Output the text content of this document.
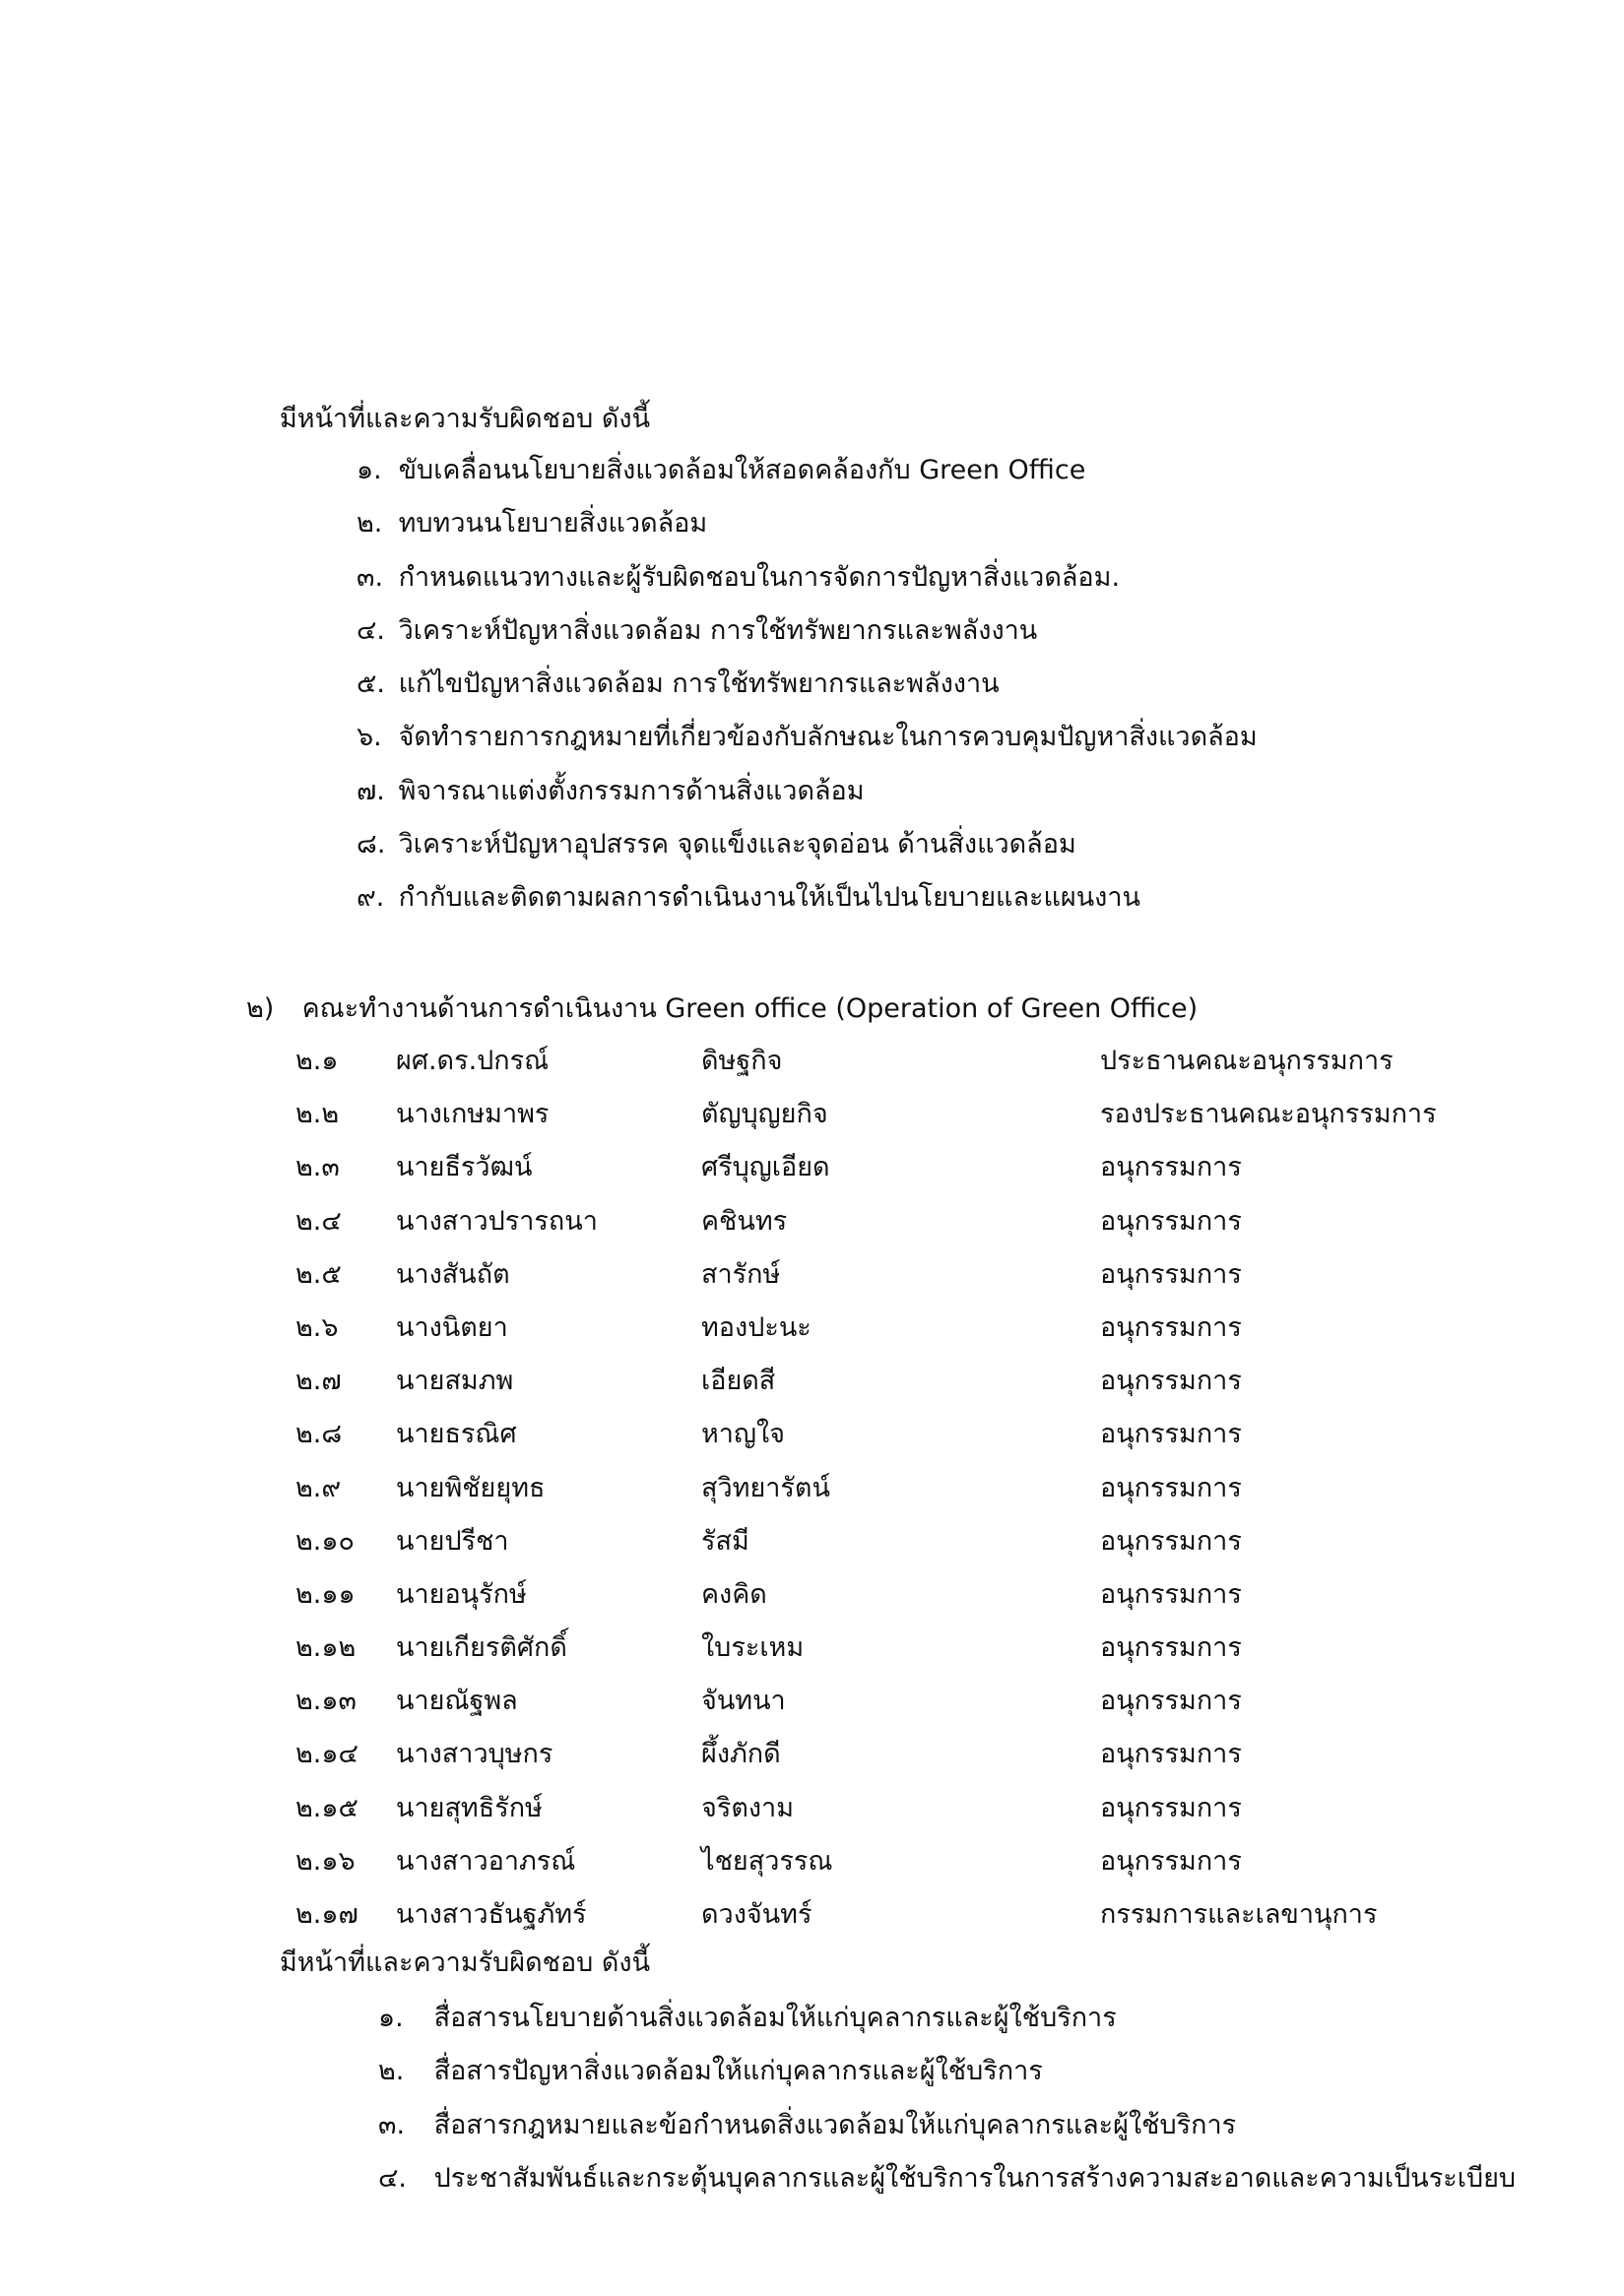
มีหน้าที่และความรับผิดชอบ ดังนี้
๑. ขับเคลื่อนนโยบายสิ่งแวดล้อมให้สอดคล้องกับ Green Office
๒. ทบทวนนโยบายสิ่งแวดล้อม
๓. กำหนดแนวทางและผู้รับผิดชอบในการจัดการปัญหาสิ่งแวดล้อม.
๔. วิเคราะห์ปัญหาสิ่งแวดล้อม การใช้ทรัพยากรและพลังงาน
๕. แก้ไขปัญหาสิ่งแวดล้อม การใช้ทรัพยากรและพลังงาน
๖. จัดทำรายการกฎหมายที่เกี่ยวข้องกับลักษณะในการควบคุมปัญหาสิ่งแวดล้อม
๗. พิจารณาแต่งตั้งกรรมการด้านสิ่งแวดล้อม
๘. วิเคราะห์ปัญหาอุปสรรค จุดแข็งและจุดอ่อน ด้านสิ่งแวดล้อม
๙. กำกับและติดตามผลการดำเนินงานให้เป็นไปนโยบายและแผนงาน
๒) คณะทำงานด้านการดำเนินงาน Green office (Operation of Green Office)
๒.๑ ผศ.ดร.ปกรณ์	ดิษฐกิจ	ประธานคณะอนุกรรมการ
๒.๒ นางเกษมาพร	ตัญบุญยกิจ	รองประธานคณะอนุกรรมการ
๒.๓ นายธีรวัฒน์	ศรีบุญเอียด	อนุกรรมการ
๒.๔ นางสาวปรารถนา	คชินทร	อนุกรรมการ
๒.๕ นางสันถัต	สารักษ์	อนุกรรมการ
๒.๖ นางนิตยา	ทองปะนะ	อนุกรรมการ
๒.๗ นายสมภพ	เอียดสี	อนุกรรมการ
๒.๘ นายธรณิศ	หาญใจ	อนุกรรมการ
๒.๙ นายพิชัยยุทธ	สุวิทยารัตน์	อนุกรรมการ
๒.๑๐ นายปรีชา	รัสมี	อนุกรรมการ
๒.๑๑ นายอนุรักษ์	คงคิด	อนุกรรมการ
๒.๑๒ นายเกียรติศักดิ์	ใบระเหม	อนุกรรมการ
๒.๑๓ นายณัฐพล	จันทนา	อนุกรรมการ
๒.๑๔ นางสาวบุษกร	ผึ้งภักดี	อนุกรรมการ
๒.๑๕ นายสุทธิรักษ์	จริตงาม	อนุกรรมการ
๒.๑๖ นางสาวอาภรณ์	ไชยสุวรรณ	อนุกรรมการ
๒.๑๗ นางสาวธันฐภัทร์	ดวงจันทร์	กรรมการและเลขานุการ
มีหน้าที่และความรับผิดชอบ ดังนี้
๑. สื่อสารนโยบายด้านสิ่งแวดล้อมให้แก่บุคลากรและผู้ใช้บริการ
๒. สื่อสารปัญหาสิ่งแวดล้อมให้แก่บุคลากรและผู้ใช้บริการ
๓. สื่อสารกฎหมายและข้อกำหนดสิ่งแวดล้อมให้แก่บุคลากรและผู้ใช้บริการ
๔. ประชาสัมพันธ์และกระตุ้นบุคลากรและผู้ใช้บริการในการสร้างความสะอาดและความเป็นระเบียบ
